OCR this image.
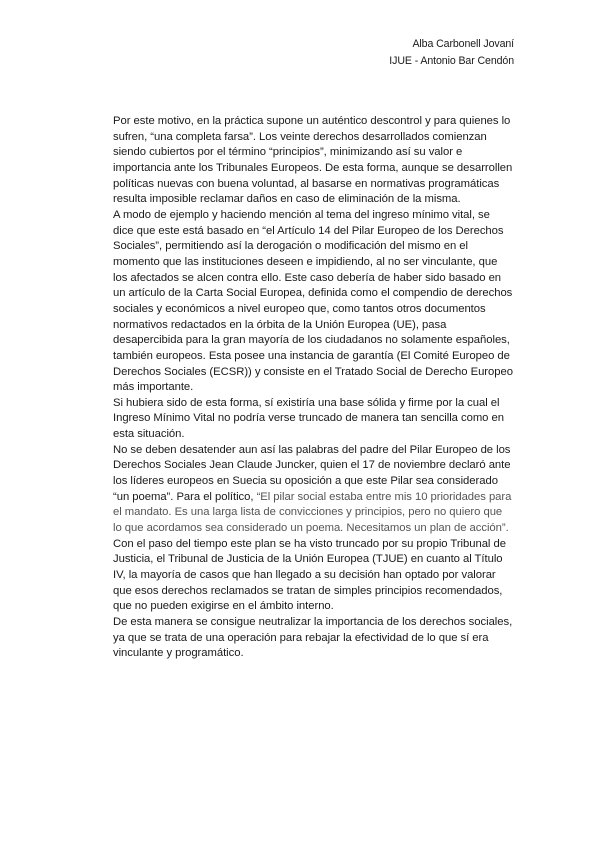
Alba Carbonell Jovaní
IJUE - Antonio Bar Cendón

Por este motivo, en la práctica supone un auténtico descontrol y para quienes lo sufren, “una completa farsa”. Los veinte derechos desarrollados comienzan siendo cubiertos por el término “principios”, minimizando así su valor e importancia ante los Tribunales Europeos. De esta forma, aunque se desarrollen políticas nuevas con buena voluntad, al basarse en normativas programáticas resulta imposible reclamar daños en caso de eliminación de la misma.

A modo de ejemplo y haciendo mención al tema del ingreso mínimo vital, se dice que este está basado en “el Artículo 14 del Pilar Europeo de los Derechos Sociales”, permitiendo así la derogación o modificación del mismo en el momento que las instituciones deseen e impidiendo, al no ser vinculante, que los afectados se alcen contra ello. Este caso debería de haber sido basado en un artículo de la Carta Social Europea, definida como el compendio de derechos sociales y económicos a nivel europeo que, como tantos otros documentos normativos redactados en la órbita de la Unión Europea (UE), pasa desapercibida para la gran mayoría de los ciudadanos no solamente españoles, también europeos. Esta posee una instancia de garantía (El Comité Europeo de Derechos Sociales (ECSR)) y consiste en el Tratado Social de Derecho Europeo más importante.

Si hubiera sido de esta forma, sí existiría una base sólida y firme por la cual el Ingreso Mínimo Vital no podría verse truncado de manera tan sencilla como en esta situación.

No se deben desatender aun así las palabras del padre del Pilar Europeo de los Derechos Sociales Jean Claude Juncker, quien el 17 de noviembre declaró ante los líderes europeos en Suecia su oposición a que este Pilar sea considerado “un poema”. Para el político, “El pilar social estaba entre mis 10 prioridades para el mandato. Es una larga lista de convicciones y principios, pero no quiero que lo que acordamos sea considerado un poema. Necesitamos un plan de acción”.

Con el paso del tiempo este plan se ha visto truncado por su propio Tribunal de Justicia, el Tribunal de Justicia de la Unión Europea (TJUE) en cuanto al Título IV, la mayoría de casos que han llegado a su decisión han optado por valorar que esos derechos reclamados se tratan de simples principios recomendados, que no pueden exigirse en el ámbito interno.

De esta manera se consigue neutralizar la importancia de los derechos sociales, ya que se trata de una operación para rebajar la efectividad de lo que sí era vinculante y programático.
